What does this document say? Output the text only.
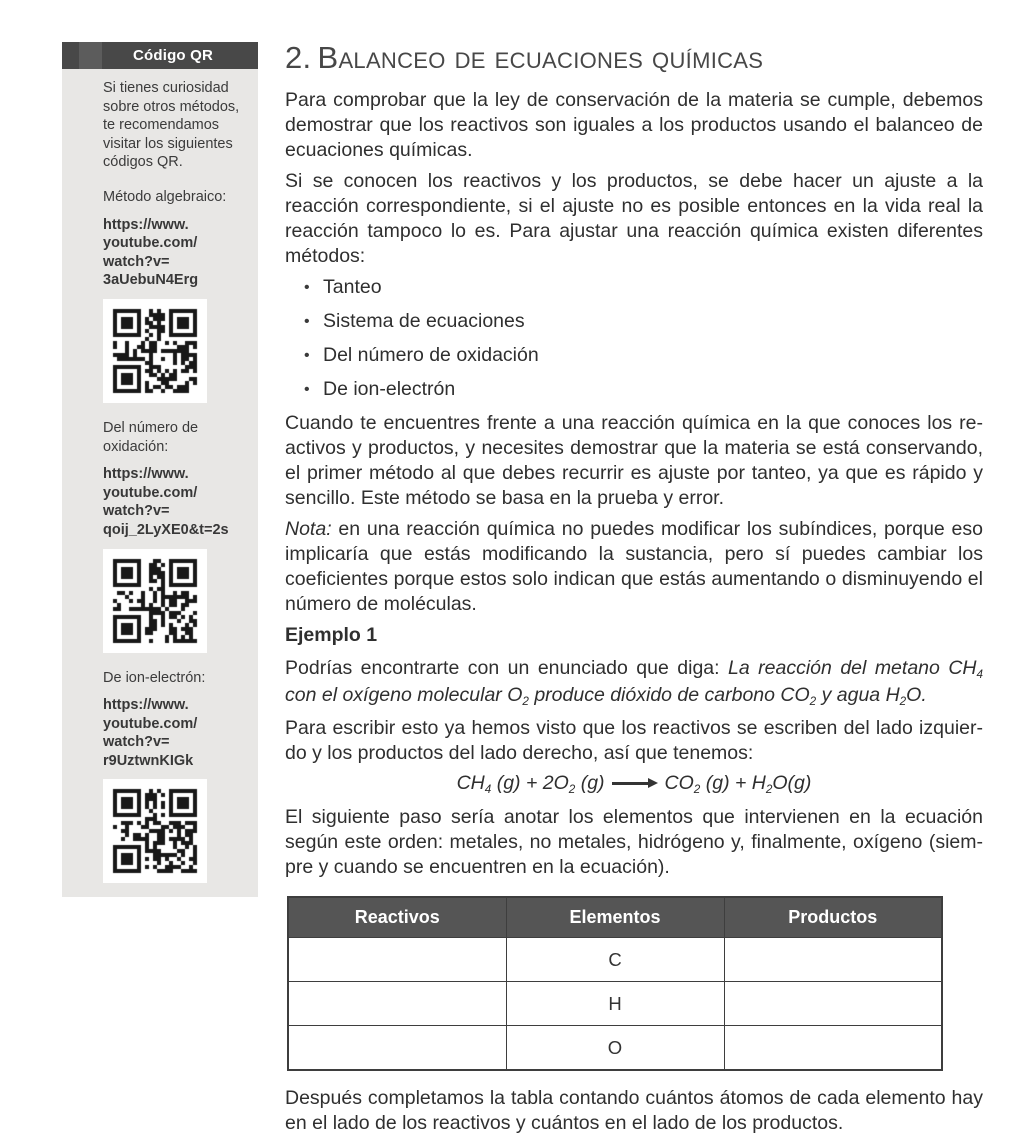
Código QR

Si tienes curiosidad sobre otros métodos, te recomendamos visitar los siguientes códigos QR.

Método algebraico:

https://www.
youtube.com/
watch?v=
3aUebuN4Erg

Del número de oxidación:

https://www.
youtube.com/
watch?v=
qoij_2LyXE0&t=2s

De ion-electrón:

https://www.
youtube.com/
watch?v=
r9UztwnKIGk
2. Balanceo de ecuaciones químicas

Para comprobar que la ley de conservación de la materia se cumple, debemos demostrar que los reactivos son iguales a los productos usando el balanceo de ecuaciones químicas.

Si se conocen los reactivos y los productos, se debe hacer un ajuste a la reacción correspondiente, si el ajuste no es posible entonces en la vida real la reacción tampoco lo es. Para ajustar una reacción química existen diferentes métodos:

• Tanteo
• Sistema de ecuaciones
• Del número de oxidación
• De ion-electrón

Cuando te encuentres frente a una reacción química en la que conoces los reactivos y productos, y necesites demostrar que la materia se está conservando, el primer método al que debes recurrir es ajuste por tanteo, ya que es rápido y sencillo. Este método se basa en la prueba y error.

Nota: en una reacción química no puedes modificar los subíndices, porque eso implicaría que estás modificando la sustancia, pero sí puedes cambiar los coeficientes porque estos solo indican que estás aumentando o disminuyendo el número de moléculas.

Ejemplo 1

Podrías encontrarte con un enunciado que diga: La reacción del metano $CH_4$ con el oxígeno molecular $O_2$ produce dióxido de carbono $CO_2$ y agua $H_2O$.

Para escribir esto ya hemos visto que los reactivos se escriben del lado izquierdo y los productos del lado derecho, así que tenemos:

$CH_4$ $(g) + 2O_2$ (g)	$CO_2$ $(g) + H_2O(g)$

El siguiente paso sería anotar los elementos que intervienen en la ecuación según este orden: metales, no metales, hidrógeno y, finalmente, oxígeno (siempre y cuando se encuentren en la ecuación).

Reactivos	Elementos	Productos
	C	
	H	
	O	

Después completamos la tabla contando cuántos átomos de cada elemento hay en el lado de los reactivos y cuántos en el lado de los productos.
